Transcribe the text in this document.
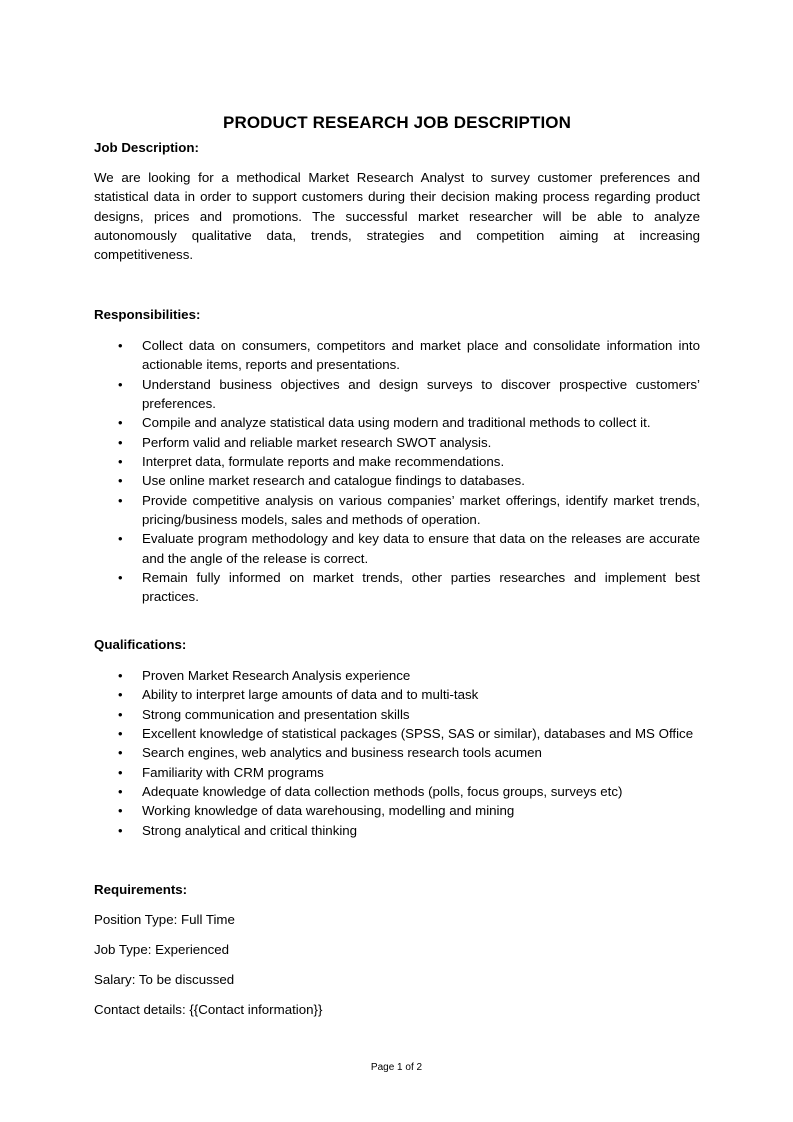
PRODUCT RESEARCH JOB DESCRIPTION
Job Description:

We are looking for a methodical Market Research Analyst to survey customer preferences and statistical data in order to support customers during their decision making process regarding product designs, prices and promotions. The successful market researcher will be able to analyze autonomously qualitative data, trends, strategies and competition aiming at increasing competitiveness.

Responsibilities:
• Collect data on consumers, competitors and market place and consolidate information into actionable items, reports and presentations.
• Understand business objectives and design surveys to discover prospective customers’ preferences.
• Compile and analyze statistical data using modern and traditional methods to collect it.
• Perform valid and reliable market research SWOT analysis.
• Interpret data, formulate reports and make recommendations.
• Use online market research and catalogue findings to databases.
• Provide competitive analysis on various companies’ market offerings, identify market trends, pricing/business models, sales and methods of operation.
• Evaluate program methodology and key data to ensure that data on the releases are accurate and the angle of the release is correct.
• Remain fully informed on market trends, other parties researches and implement best practices.
Qualifications:
• Proven Market Research Analysis experience
• Ability to interpret large amounts of data and to multi-task
• Strong communication and presentation skills
• Excellent knowledge of statistical packages (SPSS, SAS or similar), databases and MS Office
• Search engines, web analytics and business research tools acumen
• Familiarity with CRM programs
• Adequate knowledge of data collection methods (polls, focus groups, surveys etc)
• Working knowledge of data warehousing, modelling and mining
• Strong analytical and critical thinking
Requirements:
Position Type: Full Time
Job Type: Experienced
Salary: To be discussed
Contact details: {{Contact information}}
Page 1 of 2
